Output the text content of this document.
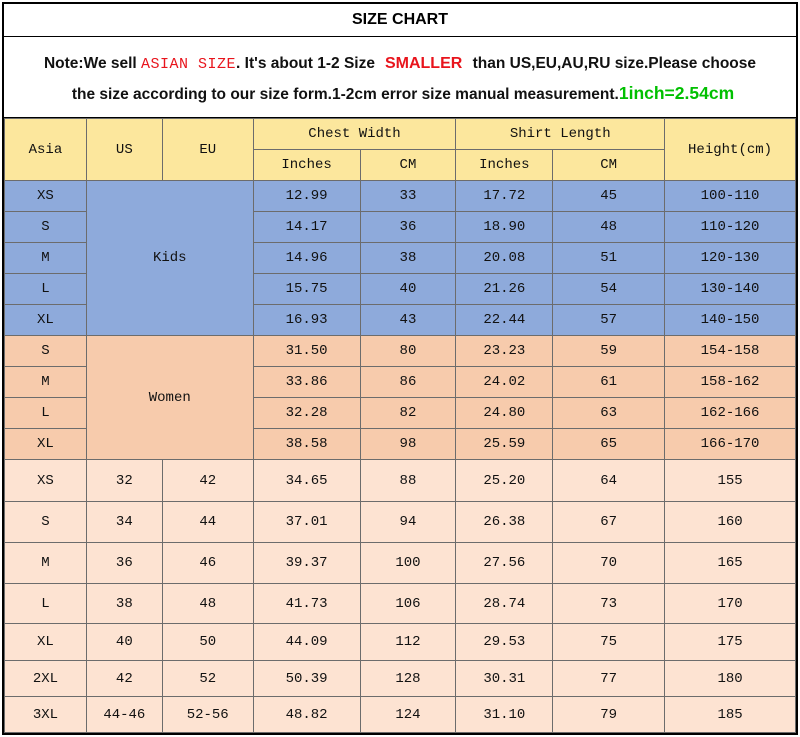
SIZE CHART
Note:We sell ASIAN SIZE. It's about 1-2 Size SMALLER than US,EU,AU,RU size.Please choose
the size according to our size form.1-2cm error size manual measurement.1inch=2.54cm
Asia	US	EU	Chest Width		Shirt Length		Height(cm)
			Inches	CM	Inches	CM	
XS	Kids		12.99	33	17.72	45	100-110
S			14.17	36	18.90	48	110-120
M			14.96	38	20.08	51	120-130
L			15.75	40	21.26	54	130-140
XL			16.93	43	22.44	57	140-150
S	Women		31.50	80	23.23	59	154-158
M			33.86	86	24.02	61	158-162
L			32.28	82	24.80	63	162-166
XL			38.58	98	25.59	65	166-170
XS	32	42	34.65	88	25.20	64	155
S	34	44	37.01	94	26.38	67	160
M	36	46	39.37	100	27.56	70	165
L	38	48	41.73	106	28.74	73	170
XL	40	50	44.09	112	29.53	75	175
2XL	42	52	50.39	128	30.31	77	180
3XL	44-46	52-56	48.82	124	31.10	79	185
